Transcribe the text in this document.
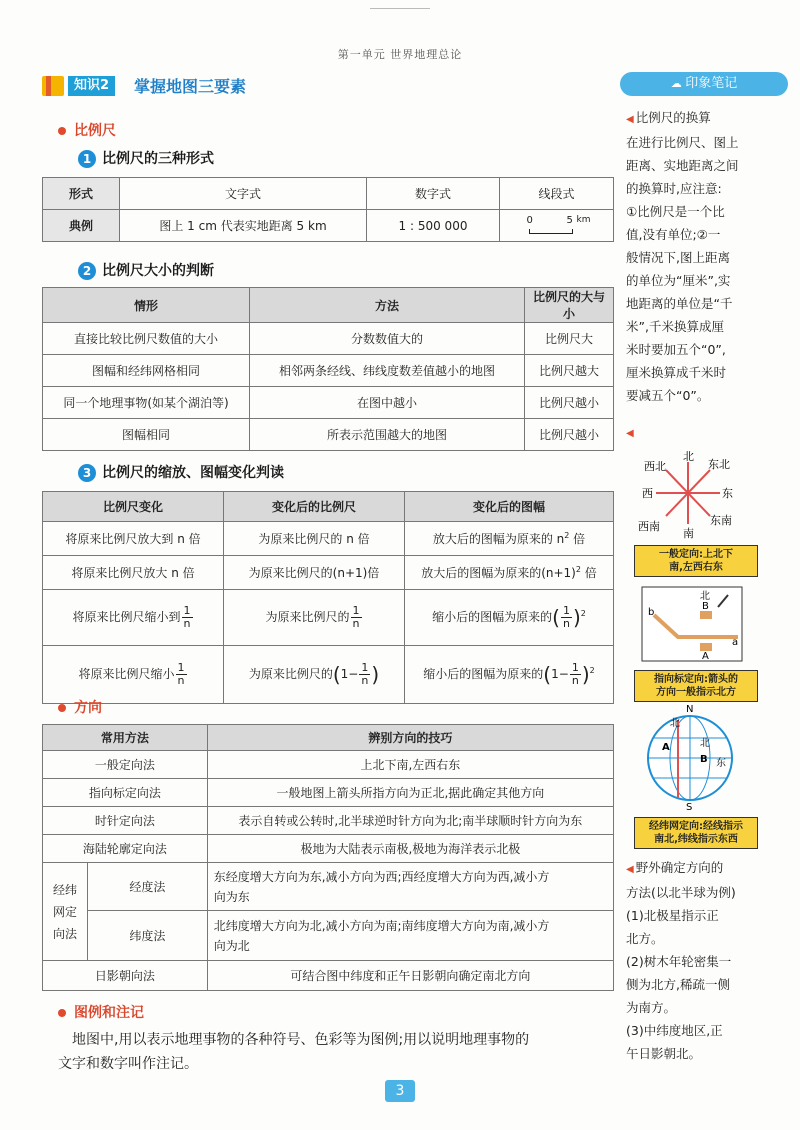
第一单元 世界地理总论
知识2	掌握地图三要素
比例尺
1 比例尺的三种形式
形式	文字式	数字式	线段式
典例	图上 1 cm 代表实地距离 5 km	1 : 500 000	0 5 km
2 比例尺大小的判断
情形	方法	比例尺的大与小
直接比较比例尺数值的大小	分数数值大的	比例尺大
图幅和经纬网格相同	相邻两条经线、纬线度数差值越小的地图	比例尺越大
同一个地理事物(如某个湖泊等)	在图中越小	比例尺越小
图幅相同	所表示范围越大的地图	比例尺越小
3 比例尺的缩放、图幅变化判读
比例尺变化	变化后的比例尺	变化后的图幅
将原来比例尺放大到 n 倍	为原来比例尺的 n 倍	放大后的图幅为原来的 $n^2$ 倍
将原来比例尺放大 n 倍	为原来比例尺的(n+1)倍	放大后的图幅为原来的$(n+1)^2$ 倍
将原来比例尺缩小到 $\frac{1}{n}$	为原来比例尺的 $\frac{1}{n}$	缩小后的图幅为原来的( $\frac{1}{n} )^2$
将原来比例尺缩小 $\frac{1}{n}$	为原来比例尺的($1- \frac{1}{n}$ )	缩小后的图幅为原来的$(1- \frac{1}{n} )^2$
方向
常用方法		辨别方向的技巧
一般定向法		上北下南,左西右东
指向标定向法		一般地图上箭头所指方向为正北,据此确定其他方向
时针定向法		表示自转或公转时,北半球逆时针方向为北;南半球顺时针方向为东
海陆轮廓定向法		极地为大陆表示南极,极地为海洋表示北极
经纬
网定
向法	经度法	东经度增大方向为东,减小方向为西;西经度增大方向为西,减小方
向为东
	纬度法	北纬度增大方向为北,减小方向为南;南纬度增大方向为南,减小方
向为北
日影朝向法		可结合图中纬度和正午日影朝向确定南北方向
图例和注记
地图中,用以表示地理事物的各种符号、色彩等为图例;用以说明地理事物的
文字和数字叫作注记。
☁ 印象笔记
◀ 比例尺的换算
在进行比例尺、图上
距离、实地距离之间
的换算时,应注意:
①比例尺是一个比
值,没有单位;②一
般情况下,图上距离
的单位为“厘米”,实
地距离的单位是“千
米”,千米换算成厘
米时要加五个“0”,
厘米换算成千米时
要减五个“0”。
◀
北
东北
东
东南
南
西南
西
西北
一般定向:上北下
南,左西右东
北
B
b
a
A
指向标定向:箭头的
方向一般指示北方
N
北
北
东
A
B
S
经纬网定向:经线指示
南北,纬线指示东西
◀ 野外确定方向的
方法(以北半球为例)
(1)北极星指示正
北方。
(2)树木年轮密集一
侧为北方,稀疏一侧
为南方。
(3)中纬度地区,正
午日影朝北。
3
